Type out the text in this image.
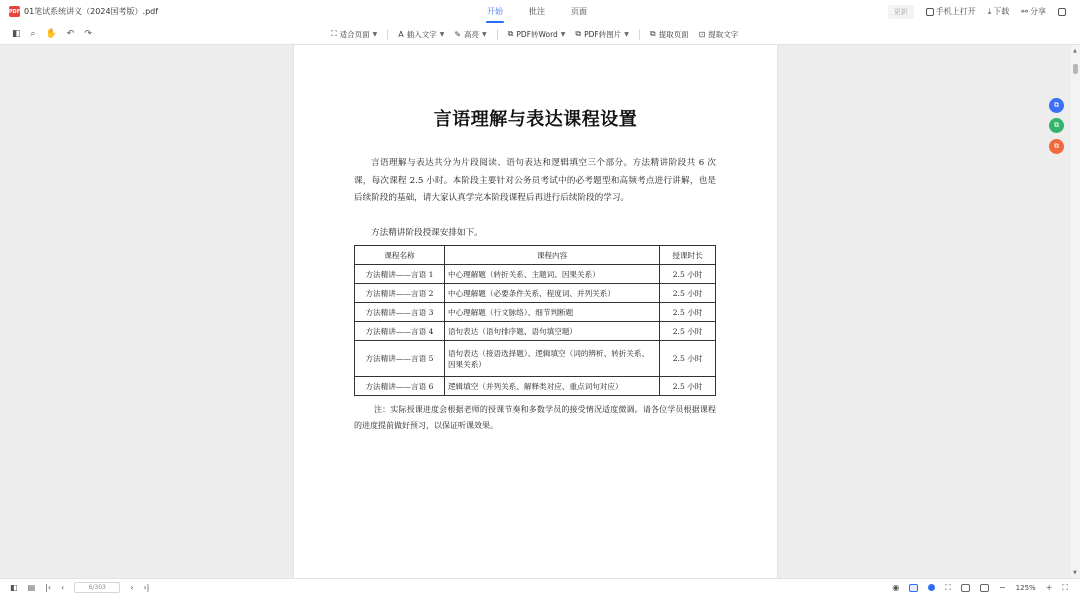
PDF 01笔试系统讲义（2024国考版）.pdf	开始	批注	页面	更新	手机上打开 ⤓ 下载 ⚯ 分享
◧ ⌕ ✋ ↶ ↷	⛶ 适合页面 ▼	A 插入文字 ▼ ✎ 高亮 ▼	⧉ PDF转Word ▼ ⧉ PDF转图片 ▼	⧉ 提取页面 ⊡ 提取文字
言语理解与表达课程设置

言语理解与表达共分为片段阅读、语句表达和逻辑填空三个部分。方法精讲阶段共 6 次课，每次课程 2.5 小时。本阶段主要针对公务员考试中的必考题型和高频考点进行讲解，也是后续阶段的基础，请大家认真学完本阶段课程后再进行后续阶段的学习。

方法精讲阶段授课安排如下。

课程名称	课程内容	授课时长
方法精讲——言语 1	中心理解题（转折关系、主题词、因果关系）	2.5 小时
方法精讲——言语 2	中心理解题（必要条件关系、程度词、并列关系）	2.5 小时
方法精讲——言语 3	中心理解题（行文脉络）、细节判断题	2.5 小时
方法精讲——言语 4	语句表达（语句排序题、语句填空题）	2.5 小时
方法精讲——言语 5	语句表达（接语选择题）、逻辑填空（词的辨析、转折关系、因果关系）	2.5 小时
方法精讲——言语 6	逻辑填空（并列关系、解释类对应、重点词句对应）	2.5 小时

注：实际授课进度会根据老师的授课节奏和多数学员的接受情况适度微调。请各位学员根据课程的进度提前做好预习，以保证听课效果。

⧉
⧉
⧉
▲
▼
◧ ▤ |‹ ‹	6/303	› ›|	◉	⛶	− 125% + ⛶
